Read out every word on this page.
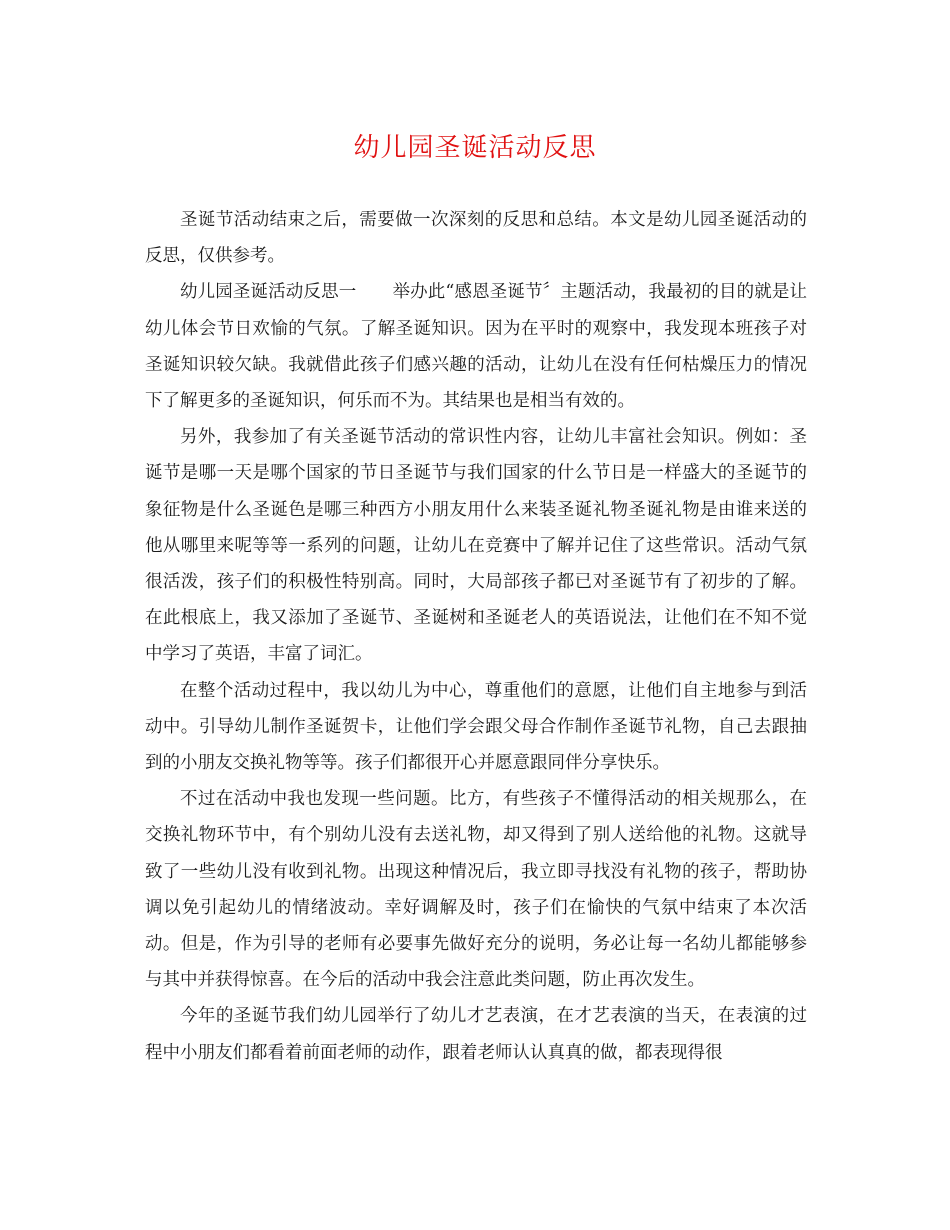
幼儿园圣诞活动反思

圣诞节活动结束之后，需要做一次深刻的反思和总结。本文是幼儿园圣诞活动的反思，仅供参考。

幼儿园圣诞活动反思一 举办此“感恩圣诞节〞主题活动，我最初的目的就是让幼儿体会节日欢愉的气氛。了解圣诞知识。因为在平时的观察中，我发现本班孩子对圣诞知识较欠缺。我就借此孩子们感兴趣的活动，让幼儿在没有任何枯燥压力的情况下了解更多的圣诞知识，何乐而不为。其结果也是相当有效的。

另外，我参加了有关圣诞节活动的常识性内容，让幼儿丰富社会知识。例如：圣诞节是哪一天是哪个国家的节日圣诞节与我们国家的什么节日是一样盛大的圣诞节的象征物是什么圣诞色是哪三种西方小朋友用什么来装圣诞礼物圣诞礼物是由谁来送的他从哪里来呢等等一系列的问题，让幼儿在竞赛中了解并记住了这些常识。活动气氛很活泼，孩子们的积极性特别高。同时，大局部孩子都已对圣诞节有了初步的了解。在此根底上，我又添加了圣诞节、圣诞树和圣诞老人的英语说法，让他们在不知不觉中学习了英语，丰富了词汇。

在整个活动过程中，我以幼儿为中心，尊重他们的意愿，让他们自主地参与到活动中。引导幼儿制作圣诞贺卡，让他们学会跟父母合作制作圣诞节礼物，自己去跟抽到的小朋友交换礼物等等。孩子们都很开心并愿意跟同伴分享快乐。

不过在活动中我也发现一些问题。比方，有些孩子不懂得活动的相关规那么，在交换礼物环节中，有个别幼儿没有去送礼物，却又得到了别人送给他的礼物。这就导致了一些幼儿没有收到礼物。出现这种情况后，我立即寻找没有礼物的孩子，帮助协调以免引起幼儿的情绪波动。幸好调解及时，孩子们在愉快的气氛中结束了本次活动。但是，作为引导的老师有必要事先做好充分的说明，务必让每一名幼儿都能够参与其中并获得惊喜。在今后的活动中我会注意此类问题，防止再次发生。

今年的圣诞节我们幼儿园举行了幼儿才艺表演，在才艺表演的当天，在表演的过程中小朋友们都看着前面老师的动作，跟着老师认认真真的做，都表现得很
